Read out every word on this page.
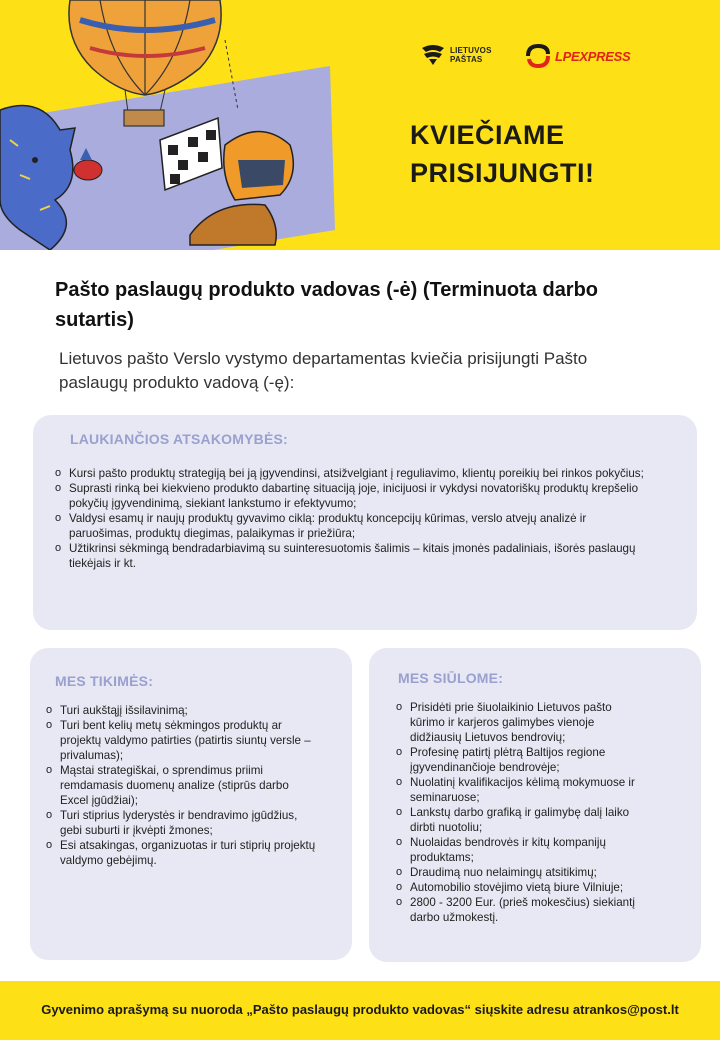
LIETUVOS
PAŠTAS	LPEXPRESS
KVIEČIAME
PRISIJUNGTI!
Pašto paslaugų produkto vadovas (-ė) (Terminuota darbo sutartis)
Lietuvos pašto Verslo vystymo departamentas kviečia prisijungti Pašto paslaugų produkto vadovą (-ę):
LAUKIANČIOS ATSAKOMYBĖS:
o Kursi pašto produktų strategiją bei ją įgyvendinsi, atsižvelgiant į reguliavimo, klientų poreikių bei rinkos pokyčius;
o Suprasti rinką bei kiekvieno produkto dabartinę situaciją joje, inicijuosi ir vykdysi novatoriškų produktų krepšelio pokyčių įgyvendinimą, siekiant lankstumo ir efektyvumo;
o Valdysi esamų ir naujų produktų gyvavimo ciklą: produktų koncepcijų kūrimas, verslo atvejų analizė ir paruošimas, produktų diegimas, palaikymas ir priežiūra;
o Užtikrinsi sėkmingą bendradarbiavimą su suinteresuotomis šalimis – kitais įmonės padaliniais, išorės paslaugų tiekėjais ir kt.
MES TIKIMĖS:
o Turi aukštąjį išsilavinimą;
o Turi bent kelių metų sėkmingos produktų ar projektų valdymo patirties (patirtis siuntų versle – privalumas);
o Mąstai strategiškai, o sprendimus priimi remdamasis duomenų analize (stiprūs darbo Excel įgūdžiai);
o Turi stiprius lyderystės ir bendravimo įgūdžius, gebi suburti ir įkvėpti žmones;
o Esi atsakingas, organizuotas ir turi stiprių projektų valdymo gebėjimų.
MES SIŪLOME:
o Prisidėti prie šiuolaikinio Lietuvos pašto kūrimo ir karjeros galimybes vienoje didžiausių Lietuvos bendrovių;
o Profesinę patirtį plėtrą Baltijos regione įgyvendinančioje bendrovėje;
o Nuolatinį kvalifikacijos kėlimą mokymuose ir seminaruose;
o Lankstų darbo grafiką ir galimybę dalį laiko dirbti nuotoliu;
o Nuolaidas bendrovės ir kitų kompanijų produktams;
o Draudimą nuo nelaimingų atsitikimų;
o Automobilio stovėjimo vietą biure Vilniuje;
o 2800 - 3200 Eur. (prieš mokesčius) siekiantį darbo užmokestį.
Gyvenimo aprašymą su nuoroda „Pašto paslaugų produkto vadovas“ siųskite adresu atrankos@post.lt
